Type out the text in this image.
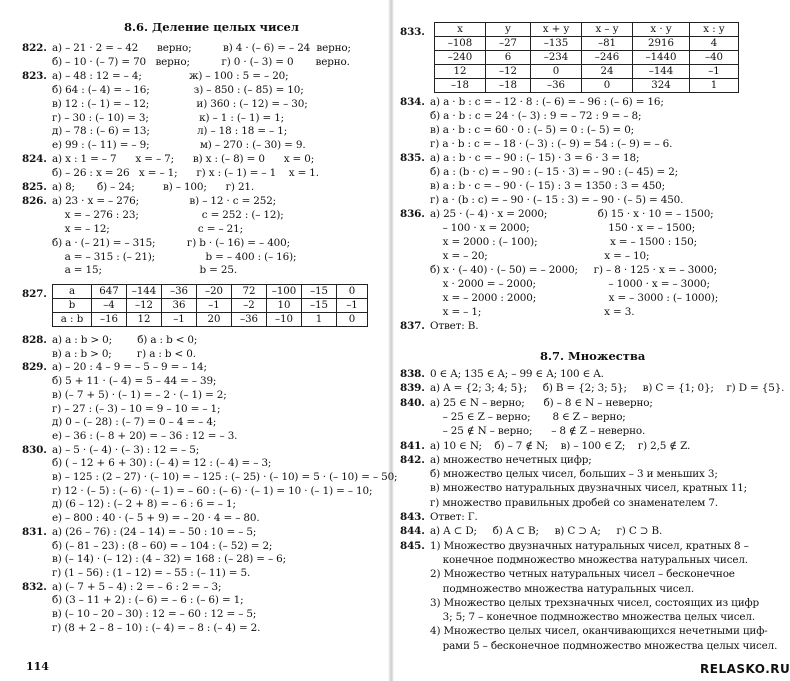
8.6. Деление целых чисел
822. а) – 21 · 2 = – 42      верно;          в) 4 · (– 6) = – 24  верно;
б) – 10 · (– 7) = 70   верно;          г) 0 · (– 3) = 0       верно.
823. а) – 48 : 12 = – 4;               ж) – 100 : 5 = – 20;
б) 64 : (– 4) = – 16;              з) – 850 : (– 85) = 10;
в) 12 : (– 1) = – 12;               и) 360 : (– 12) = – 30;
г) – 30 : (– 10) = 3;                к) – 1 : (– 1) = 1;
д) – 78 : (– 6) = 13;               л) – 18 : 18 = – 1;
е) 99 : (– 11) = – 9;                м) – 270 : (– 30) = 9.
824. а) x : 1 = – 7      x = – 7;      в) x : (– 8) = 0      x = 0;
б) – 26 : x = 26   x = – 1;      г) x : (– 1) = – 1    x = 1.
825. а) 8;       б) – 24;         в) – 100;      г) 21.
826. а) 23 · x = – 276;                в) – 12 · c = 252;
x = – 276 : 23;                    c = 252 : (– 12);
x = – 12;                            c = – 21;
б) a · (– 21) = – 315;          г) b · (– 16) = – 400;
a = – 315 : (– 21);                b = – 400 : (– 16);
a = 15;                               b = 25.
a	647	–144	–36	–20	72	–100	–15	0
b	–4	–12	36	–1	–2	10	–15	–1
a : b	–16	12	–1	20	–36	–10	1	0
827.
828. а) a : b > 0;        б) a : b < 0;
в) a : b > 0;        г) a : b < 0.
829. а) – 20 : 4 – 9 = – 5 – 9 = – 14;
б) 5 + 11 · (– 4) = 5 – 44 = – 39;
в) (– 7 + 5) · (– 1) = – 2 · (– 1) = 2;
г) – 27 : (– 3) – 10 = 9 – 10 = – 1;
д) 0 – (– 28) : (– 7) = 0 – 4 = – 4;
е) – 36 : (– 8 + 20) = – 36 : 12 = – 3.
830. а) – 5 · (– 4) · (– 3) : 12 = – 5;
б) ( – 12 + 6 + 30) : (– 4) = 12 : (– 4) = – 3;
в) – 125 : (2 – 27) · (– 10) = – 125 : (– 25) · (– 10) = 5 · (– 10) = – 50;
г) 12 · (– 5) : (– 6) · (– 1) = – 60 : (– 6) · (– 1) = 10 · (– 1) = – 10;
д) (6 – 12) : (– 2 + 8) = – 6 : 6 = – 1;
е) – 800 : 40 · (– 5 + 9) = – 20 · 4 = – 80.
831. а) (26 – 76) : (24 – 14) = – 50 : 10 = – 5;
б) (– 81 – 23) : (8 – 60) = – 104 : (– 52) = 2;
в) (– 14) · (– 12) : (4 – 32) = 168 : (– 28) = – 6;
г) (1 – 56) : (1 – 12) = – 55 : (– 11) = 5.
832. а) (– 7 + 5 – 4) : 2 = – 6 : 2 = – 3;
б) (3 – 11 + 2) : (– 6) = – 6 : (– 6) = 1;
в) (– 10 – 20 – 30) : 12 = – 60 : 12 = – 5;
г) (8 + 2 – 8 – 10) : (– 4) = – 8 : (– 4) = 2.
114
833.	x	y	x + y	x – y	x · y	x : y
–108	–27	–135	–81	2916	4
–240	6	–234	–246	–1440	–40
12	–12	0	24	–144	–1
–18	–18	–36	0	324	1
834. а) a · b : c = – 12 · 8 : (– 6) = – 96 : (– 6) = 16;
б) a · b : c = 24 · (– 3) : 9 = – 72 : 9 = – 8;
в) a · b : c = 60 · 0 : (– 5) = 0 : (– 5) = 0;
г) a · b : c = – 18 · (– 3) : (– 9) = 54 : (– 9) = – 6.
835. а) a : b · c = – 90 : (– 15) · 3 = 6 · 3 = 18;
б) a : (b · c) = – 90 : (– 15 · 3) = – 90 : (– 45) = 2;
в) a : b · c = – 90 · (– 15) : 3 = 1350 : 3 = 450;
г) a · (b : c) = – 90 · (– 15 : 3) = – 90 · (– 5) = 450.
836. а) 25 · (– 4) · x = 2000;                б) 15 · x · 10 = – 1500;
– 100 · x = 2000;                         150 · x = – 1500;
x = 2000 : (– 100);                       x = – 1500 : 150;
x = – 20;                                     x = – 10;
б) x · (– 40) · (– 50) = – 2000;     г) – 8 · 125 · x = – 3000;
x · 2000 = – 2000;                       – 1000 · x = – 3000;
x = – 2000 : 2000;                       x = – 3000 : (– 1000);
x = – 1;                                       x = 3.
837. Ответ: В.
8.7. Множества
838. 0 ∈ A; 135 ∈ A; – 99 ∈ A; 100 ∈ A.
839. а) A = {2; 3; 4; 5};     б) B = {2; 3; 5};     в) C = {1; 0};    г) D = {5}.
840. а) 25 ∈ N – верно;      б) – 8 ∈ N – неверно;
– 25 ∈ Z – верно;       8 ∈ Z – верно;
– 25 ∉ N – верно;      – 8 ∉ Z – неверно.
841. а) 10 ∈ N;    б) – 7 ∉ N;    в) – 100 ∈ Z;    г) 2,5 ∉ Z.
842. а) множество нечетных цифр;
б) множество целых чисел, больших – 3 и меньших 3;
в) множество натуральных двузначных чисел, кратных 11;
г) множество правильных дробей со знаменателем 7.
843. Ответ: Г.
844. а) A ⊂ D;     б) A ⊂ B;     в) C ⊃ A;     г) C ⊃ B.
845. 1) Множество двузначных натуральных чисел, кратных 8 –
конечное подмножество множества натуральных чисел.
2) Множество четных натуральных чисел – бесконечное
подмножество множества натуральных чисел.
3) Множество целых трехзначных чисел, состоящих из цифр
3; 5; 7 – конечное подмножество множества целых чисел.
4) Множество целых чисел, оканчивающихся нечетными циф-
рами 5 – бесконечное подмножество множества целых чисел.
RELASKO.RU
